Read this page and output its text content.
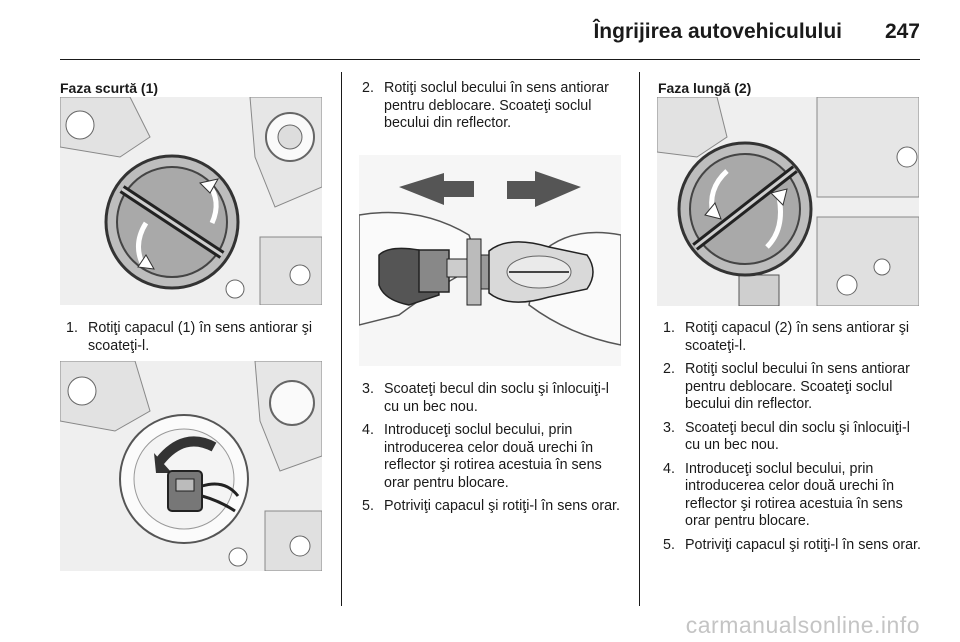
Îngrijirea autovehiculului 247
Faza scurtă (1)
1. Rotiţi capacul (1) în sens antiorar şi scoateţi-l.
2. Rotiţi soclul becului în sens antiorar pentru deblocare. Scoateţi soclul becului din reflector.
3. Scoateţi becul din soclu şi înlocuiţi-l cu un bec nou.
4. Introduceţi soclul becului, prin introducerea celor două urechi în reflector şi rotirea acestuia în sens orar pentru blocare.
5. Potriviţi capacul şi rotiţi-l în sens orar.
Faza lungă (2)
1. Rotiţi capacul (2) în sens antiorar şi scoateţi-l.
2. Rotiţi soclul becului în sens antiorar pentru deblocare. Scoateţi soclul becului din reflector.
3. Scoateţi becul din soclu şi înlocuiţi-l cu un bec nou.
4. Introduceţi soclul becului, prin introducerea celor două urechi în reflector şi rotirea acestuia în sens orar pentru blocare.
5. Potriviţi capacul şi rotiţi-l în sens orar.
carmanualsonline.info
